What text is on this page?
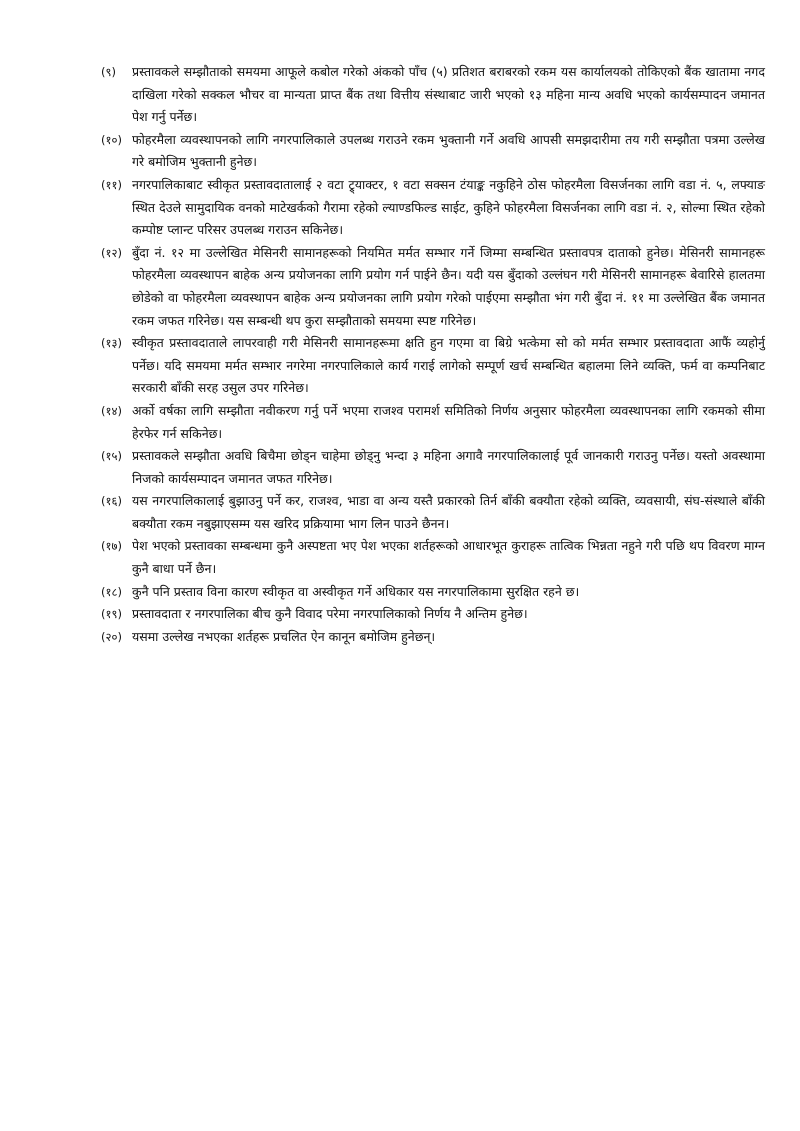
(९)	प्रस्तावकले सम्झौताको समयमा आफूले कबोल गरेको अंकको पाँच (५) प्रतिशत बराबरको रकम यस कार्यालयको तोकिएको बैंक खातामा नगद दाखिला गरेको सक्कल भौचर वा मान्यता प्राप्त बैंक तथा वित्तीय संस्थाबाट जारी भएको १३ महिना मान्य अवधि भएको कार्यसम्पादन जमानत पेश गर्नु पर्नेछ।
(१०) फोहरमैला व्यवस्थापनको लागि नगरपालिकाले उपलब्ध गराउने रकम भुक्तानी गर्ने अवधि आपसी समझदारीमा तय गरी सम्झौता पत्रमा उल्लेख गरे बमोजिम भुक्तानी हुनेछ।
(११) नगरपालिकाबाट स्वीकृत प्रस्तावदातालाई २ वटा ट्र्याक्टर, १ वटा सक्सन टंयाङ्क नकुहिने ठोस फोहरमैला विसर्जनका लागि वडा नं. ५, लफ्याङ स्थित देउले सामुदायिक वनको माटेखर्कको गैरामा रहेको ल्याण्डफिल्ड साईट, कुहिने फोहरमैला विसर्जनका लागि वडा नं. २, सोल्मा स्थित रहेको कम्पोष्ट प्लान्ट परिसर उपलब्ध गराउन सकिनेछ।
(१२) बुँदा नं. १२ मा उल्लेखित मेसिनरी सामानहरूको नियमित मर्मत सम्भार गर्ने जिम्मा सम्बन्धित प्रस्तावपत्र दाताको हुनेछ। मेसिनरी सामानहरू फोहरमैला व्यवस्थापन बाहेक अन्य प्रयोजनका लागि प्रयोग गर्न पाईने छैन। यदी यस बुँदाको उल्लंघन गरी मेसिनरी सामानहरू बेवारिसे हालतमा छोडेको वा फोहरमैला व्यवस्थापन बाहेक अन्य प्रयोजनका लागि प्रयोग गरेको पाईएमा सम्झौता भंग गरी बुँदा नं. ११ मा उल्लेखित बैंक जमानत रकम जफत गरिनेछ। यस सम्बन्धी थप कुरा सम्झौताको समयमा स्पष्ट गरिनेछ।
(१३) स्वीकृत प्रस्तावदाताले लापरवाही गरी मेसिनरी सामानहरूमा क्षति हुन गएमा वा बिग्रे भत्केमा सो को मर्मत सम्भार प्रस्तावदाता आफैं व्यहोर्नु पर्नेछ। यदि समयमा मर्मत सम्भार नगरेमा नगरपालिकाले कार्य गराई लागेको सम्पूर्ण खर्च सम्बन्धित बहालमा लिने व्यक्ति, फर्म वा कम्पनिबाट सरकारी बाँकी सरह उसुल उपर गरिनेछ।
(१४) अर्को वर्षका लागि सम्झौता नवीकरण गर्नु पर्ने भएमा राजश्व परामर्श समितिको निर्णय अनुसार फोहरमैला व्यवस्थापनका लागि रकमको सीमा हेरफेर गर्न सकिनेछ।
(१५) प्रस्तावकले सम्झौता अवधि बिचैमा छोड्न चाहेमा छोड्नु भन्दा ३ महिना अगावै नगरपालिकालाई पूर्व जानकारी गराउनु पर्नेछ। यस्तो अवस्थामा निजको कार्यसम्पादन जमानत जफत गरिनेछ।
(१६) यस नगरपालिकालाई बुझाउनु पर्ने कर, राजश्व, भाडा वा अन्य यस्तै प्रकारको तिर्न बाँकी बक्यौता रहेको व्यक्ति, व्यवसायी, संघ-संस्थाले बाँकी बक्यौता रकम नबुझाएसम्म यस खरिद प्रक्रियामा भाग लिन पाउने छैनन।
(१७) पेश भएको प्रस्तावका सम्बन्धमा कुनै अस्पष्टता भए पेश भएका शर्तहरूको आधारभूत कुराहरू तात्विक भिन्नता नहुने गरी पछि थप विवरण माग्न कुनै बाधा पर्ने छैन।
(१८) कुनै पनि प्रस्ताव विना कारण स्वीकृत वा अस्वीकृत गर्ने अधिकार यस नगरपालिकामा सुरक्षित रहने छ।
(१९) प्रस्तावदाता र नगरपालिका बीच कुनै विवाद परेमा नगरपालिकाको निर्णय नै अन्तिम हुनेछ।
(२०) यसमा उल्लेख नभएका शर्तहरू प्रचलित ऐन कानून बमोजिम हुनेछन्।
